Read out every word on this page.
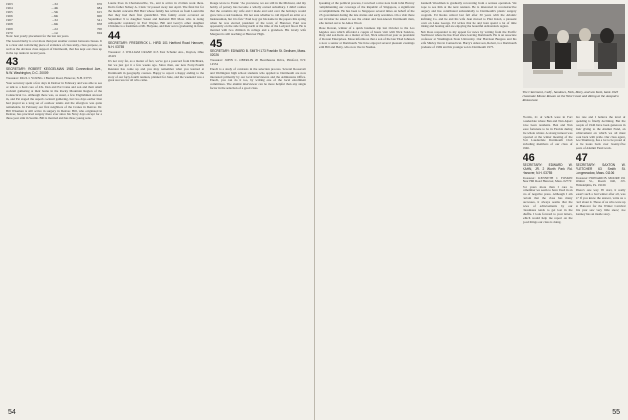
1963	...3d	676
1964	...4th	684
1965	...5th	615
1966	...6th	600
1967	...3d	541
1968	...6th	658
1969	...2d	700
1970	...1st	694

Note: best yearly placement for the last ten years.

The Green Derby is a lot more than just another contest between classes. It is a clear and convincing piece of evidence of class unity, class purpose, as well as the obvious class support of Dartmouth, that has kept our class up in the top ranks in recent years.

43
SECRETARY: ROBERT KEGGELMAN 1983 Connecticut Ave., N.W. Washington, D.C. 20009

Treasurer: PAUL I. YOUNG 1 Barnett Road, Hanover, N.H. 03755

Your secretary spent a few days in Denver in February and was able to see or talk to a hard core of 43s. Don and Pat Crane and son and their small cocktail gathering at their home in the Rocky Mountain Region of the Connecticut Co. Although there was, as usual, a few Englishmen snowed in, and Pat staged the superb cocktail gathering, but two days earlier Don had played us a long set of outdoor tennis and the afterglow was quite remarkable. In February our first neighbors of the Cranes in Denver. Dr. Bill Wiseman is still active in surgery in Denver. Bill, who originated in Denver, has practiced surgery there ever since his Navy days except for a three-year stint in Seattle. Bill is married and has three young sons.

Laurie lives in Charlottesville, Va., and is active in civilian work there. Don's father Sidney A. Clark '12 passed away last April. The final list for the month concerns Bill Burt whose family has written us from Louisville that they had their first grandchild. This family event occurred on September 9 to daughter Susan and husband Bill Moss who is doing orthopedic residency in Fort Wayne. Bill and Gerry's other daughter Christine is a freshman at Mt. Holyoke, and their son is graduating in June.

44
SECRETARY: FREDERICK L. HIRD 101 Hartford Road Hanover, N.H. 03755

Treasurer: J. WILLIAM CRANE 615 East Schantz Ave., Dayton, Ohio 45419

It's not very far, as a matter of fact, we've got a postcard from Ditchburn, but we just got it a few weeks ago. Since then, our new Forty-Fourth Reunion has come up and you may remember what you learned at Dartmouth in geography courses. Happy to report a happy ending to the story of our forty-fourth reunion, planned for June, and the weekend was a great success for all who came.

Rouge wrote to Frank: "As you know, we are still in the Midwest, and my hobby of pottery has become a wholly owned subsidiary. I didn't realize that the ceramics my wife and I made and sold over the holidays would grow into a real business. I'm not sure whether to call myself an artist or a businessman, but it is fun." Paul Gay got his name in the papers this spring when he was elected president of the town of Hanover. Paul was apparently on the side facing north at the time of the Ledyard flood. He is married with two children in college and a grandson. His lovely wife Margaret is still teaching at Hanover High.

45
SECRETARY: EDWARD B. SMITH 173 Franklin St. Dedham, Mass. 02026

Treasurer: JOHN C. OBERLIN 20 Hearthstone Drive, Pittsford, N.Y. 14534

Enoch is a study of contrasts in the selection process. Several Roosevelt and Wellington high school students who applied to Dartmouth are now interested primarily by our local interviewers and the Admissions Office. Enoch, you can do it too, by writing one of the local enrollment committees. The alumni interviewer can be more helpful than any single factor in the selection of a good class.

54

Speaking of the political process, I received a nice note from John Harvey complimenting our coverage of the Republic of Singapore, a significant accomplishment. He has been to Singapore several times on behalf of the US government during the late sixties and early seventies. On a visit there last October he asked to see the oldest and best-known Dartmouth man, who turned out to be Amos Wood.

Mose Rowan, winner of a quick business trip last October to the Los Angeles area which afforded a couple of hours visit with Nick Sandow, Mary and son Kent. As a matter of fact, Nick retired last year as president of Rowan Enterprises. Mose informs us that a son of the late Thad Johnson is now a senior at Dartmouth. We have enjoyed several pleasant evenings with Bill and Betty, who now live in Nashua.

Kenneth Woodman is gradually recovering from a serious operation. We hope to see him at the next reunion. He is interested in reconstructive surgery and has contributed substantially to Dartmouth's plastic surgery program. Ed Rodes retired last fall after 30 years with the Atlantic Refining Co. and he and his wife Jean moved to Pilot Knob, a pleasant town on Lake George. Ed writes that he and Jean spend a lot of time hiking and boating and are enjoying the beautiful Adirondack region.

Bob Ross responded to my appeal for news by writing from the Pacific Northwest where he has lived since leaving Dartmouth. He is an associate professor at Washington State University. Our Harrison Burgess and his wife Shirley live in Connecticut. Harry's oldest son, Robert, is a Dartmouth graduate of 1969 and his younger son is Dartmouth 1975.

The Claremont, Calif., Sandows, Nick, Mary, and son Kent, bank 1945 classmate Moose Rowan on the West Coast and dining at the Acapulco Restaurant.

Florida, 21 of which were in Fort Lauderdale where Ben and Nan Alpert have been residents. Ben and Nan were fortunate to be in Florida during the whole winter. A strong turnout was reported at the winter meeting of the Fort Lauderdale Dartmouth Club including members of our class of 1946.

46
SECRETARY: EDWARD W. KAHN, JR. 2 Worth Park Rd. Hanover, N.H. 03755

Treasurer: KENNETH J. FOSKIN Bear Hill Road Hanover, Mass. 02770

For years more than I care to remember we seem to have lived in an era of negative press. Although I am certain that the class has many successes, it always seems that the news of achievements by our classmates tends to get lost in the shuffle. I look forward to your letters, which would help me report on the good things our class is doing.

fire rate and I believe the level of spending is finally declining. But the people of 1946 have been generous in their giving to the Alumni Fund, an achievement on which we all must look back with pride. Our class agent, Ace Shumway, has a lot to be proud of as he looks back over twenty-five years of Alumni Fund work.

47
SECRETARY: SAXTON W. FLETCHER 63 Smith St. Longmeadow, Mass. 01106

Treasurer: HOWARD B. MOORE 191 Walnut St., Room 640, J.N. Philadelphia, Pa. 19106

There's one way I'll start, it really wasn't such a bad winter after all, was it? If you know the answer, write us a card about it. Those of us who were up in Hanover for the Winter Carnival this year saw very little snow; Joe Kenney has an inside story.

55
